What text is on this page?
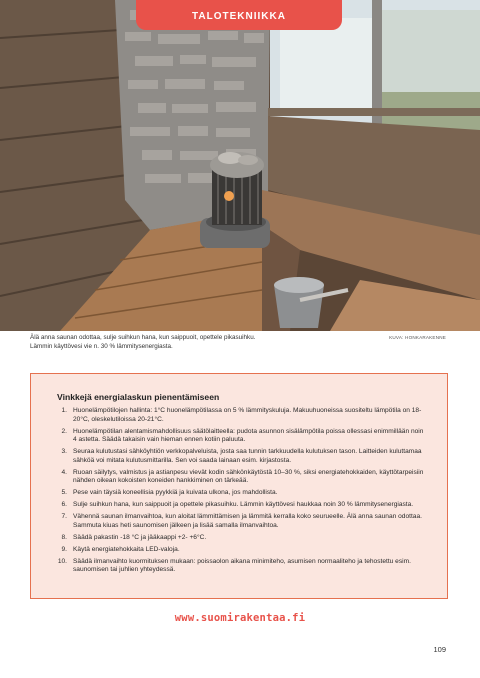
TALOTEKNIIKKA
Älä anna saunan odottaa, sulje suihkun hana, kun saippuoit, opettele pikasuihku.
Lämmin käyttövesi vie n. 30 % lämmitysenergiasta.
KUVA: HONKARAKENNE
Vinkkejä energialaskun pienentämiseen
1. Huonelämpötilojen hallinta: 1°C huonelämpötilassa on 5 % lämmityskuluja. Makuuhuoneissa suositeltu lämpötila on 18-20°C, oleskelutiloissa 20-21°C.
2. Huonelämpötilan alentamismahdollisuus säätölaitteella: pudota asunnon sisälämpötila poissa ollessasi enimmillään noin 4 astetta. Säädä takaisin vain hieman ennen kotiin paluuta.
3. Seuraa kulutustasi sähköyhtiön verkkopalveluista, josta saa tunnin tarkkuudella kulutuksen tason. Laitteiden kuluttamaa sähköä voi mitata kulutusmittarilla. Sen voi saada lainaan esim. kirjastosta.
4. Ruoan säilytys, valmistus ja astianpesu vievät kodin sähkönkäytöstä 10–30 %, siksi energiatehokkaiden, käyttötarpeisiin nähden oikean kokoisten koneiden hankkiminen on tärkeää.
5. Pese vain täysiä koneellisia pyykkiä ja kuivata ulkona, jos mahdollista.
6. Sulje suihkun hana, kun saippuoit ja opettele pikasuihku. Lämmin käyttövesi haukkaa noin 30 % lämmitysenergiasta.
7. Vähennä saunan ilmanvaihtoa, kun aloitat lämmittämisen ja lämmitä kerralla koko seurueelle. Älä anna saunan odottaa. Sammuta kiuas heti saunomisen jälkeen ja lisää samalla ilmanvaihtoa.
8. Säädä pakastin -18 °C ja jääkaappi +2- +6°C.
9. Käytä energiatehokkaita LED-valoja.
10. Säädä ilmanvaihto kuormituksen mukaan: poissaolon aikana minimiteho, asumisen normaaliteho ja tehostettu esim. saunomisen tai juhlien yhteydessä.
www.suomirakentaa.fi
109
